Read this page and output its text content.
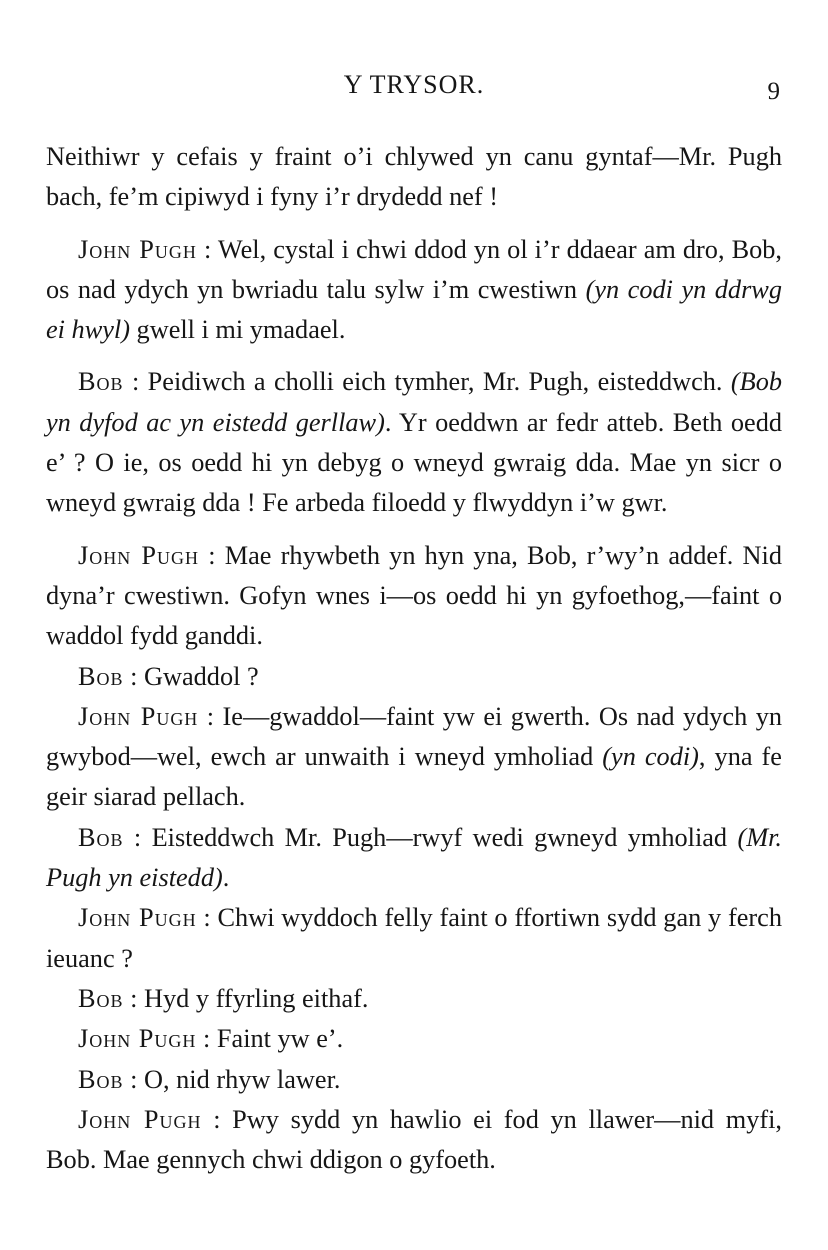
Y TRYSOR.	9

Neithiwr y cefais y fraint o’i chlywed yn canu gyntaf—Mr. Pugh bach, fe’m cipiwyd i fyny i’r drydedd nef !

John Pugh : Wel, cystal i chwi ddod yn ol i’r ddaear am dro, Bob, os nad ydych yn bwriadu talu sylw i’m cwestiwn (yn codi yn ddrwg ei hwyl) gwell i mi ymadael.

Bob : Peidiwch a cholli eich tymher, Mr. Pugh, eisteddwch. (Bob yn dyfod ac yn eistedd gerllaw). Yr oeddwn ar fedr atteb. Beth oedd e’ ? O ie, os oedd hi yn debyg o wneyd gwraig dda. Mae yn sicr o wneyd gwraig dda ! Fe arbeda filoedd y flwyddyn i’w gwr.

John Pugh : Mae rhywbeth yn hyn yna, Bob, r’wy’n addef. Nid dyna’r cwestiwn. Gofyn wnes i—os oedd hi yn gyfoethog,—faint o waddol fydd ganddi.

Bob : Gwaddol ?

John Pugh : Ie—gwaddol—faint yw ei gwerth. Os nad ydych yn gwybod—wel, ewch ar unwaith i wneyd ymholiad (yn codi), yna fe geir siarad pellach.

Bob : Eisteddwch Mr. Pugh—rwyf wedi gwneyd ymholiad (Mr. Pugh yn eistedd).

John Pugh : Chwi wyddoch felly faint o ffortiwn sydd gan y ferch ieuanc ?

Bob : Hyd y ffyrling eithaf.

John Pugh : Faint yw e’.

Bob : O, nid rhyw lawer.

John Pugh : Pwy sydd yn hawlio ei fod yn llawer—nid myfi, Bob. Mae gennych chwi ddigon o gyfoeth.
